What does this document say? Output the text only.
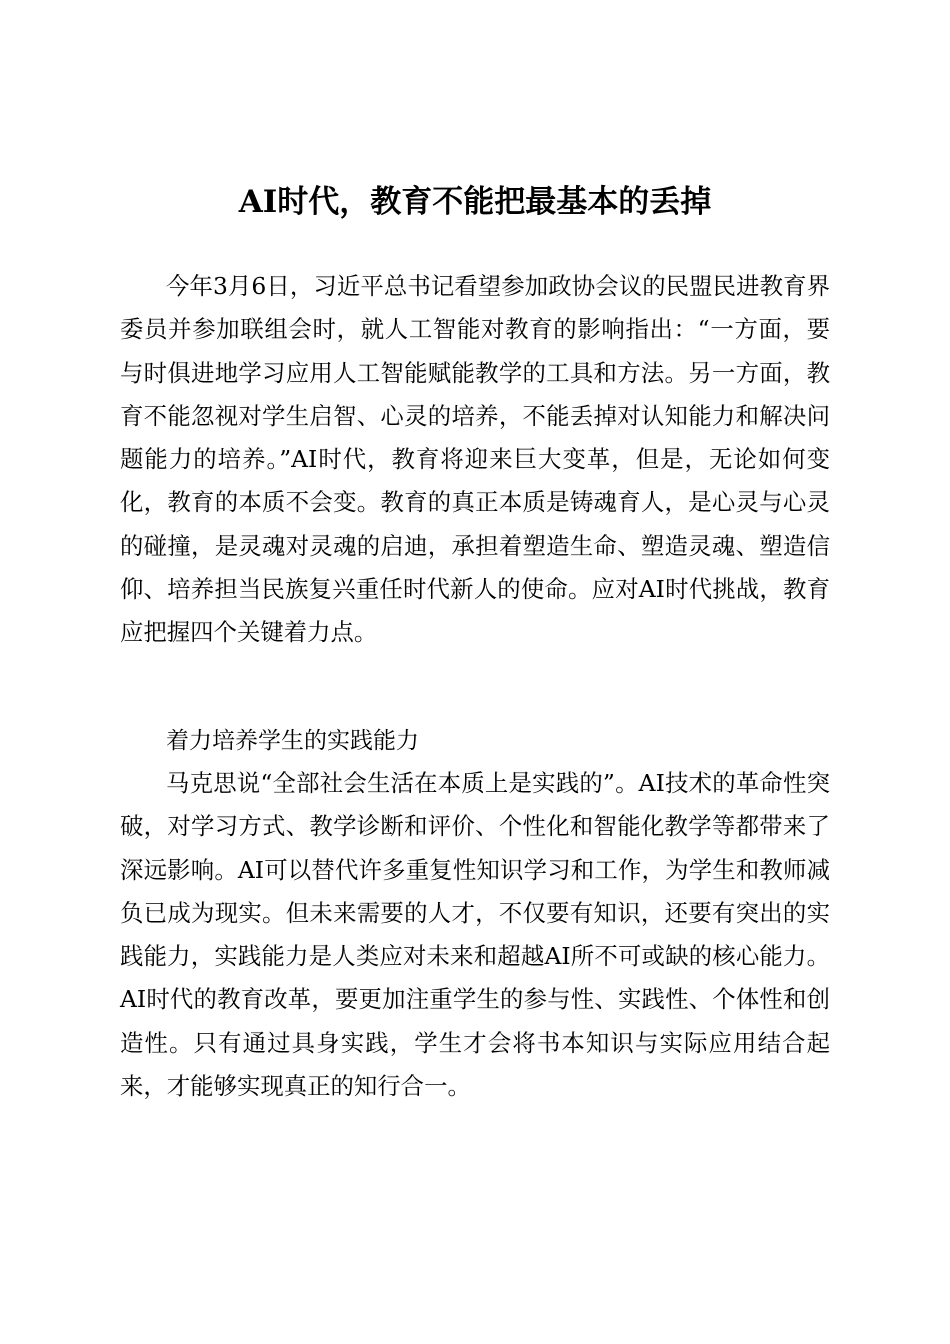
AI时代，教育不能把最基本的丢掉

今年3月6日，习近平总书记看望参加政协会议的民盟民进教育界委员并参加联组会时，就人工智能对教育的影响指出：“一方面，要与时俱进地学习应用人工智能赋能教学的工具和方法。另一方面，教育不能忽视对学生启智、心灵的培养，不能丢掉对认知能力和解决问题能力的培养。”AI时代，教育将迎来巨大变革，但是，无论如何变化，教育的本质不会变。教育的真正本质是铸魂育人，是心灵与心灵的碰撞，是灵魂对灵魂的启迪，承担着塑造生命、塑造灵魂、塑造信仰、培养担当民族复兴重任时代新人的使命。应对AI时代挑战，教育应把握四个关键着力点。

着力培养学生的实践能力

马克思说“全部社会生活在本质上是实践的”。AI技术的革命性突破，对学习方式、教学诊断和评价、个性化和智能化教学等都带来了深远影响。AI可以替代许多重复性知识学习和工作，为学生和教师减负已成为现实。但未来需要的人才，不仅要有知识，还要有突出的实践能力，实践能力是人类应对未来和超越AI所不可或缺的核心能力。AI时代的教育改革，要更加注重学生的参与性、实践性、个体性和创造性。只有通过具身实践，学生才会将书本知识与实际应用结合起来，才能够实现真正的知行合一。
